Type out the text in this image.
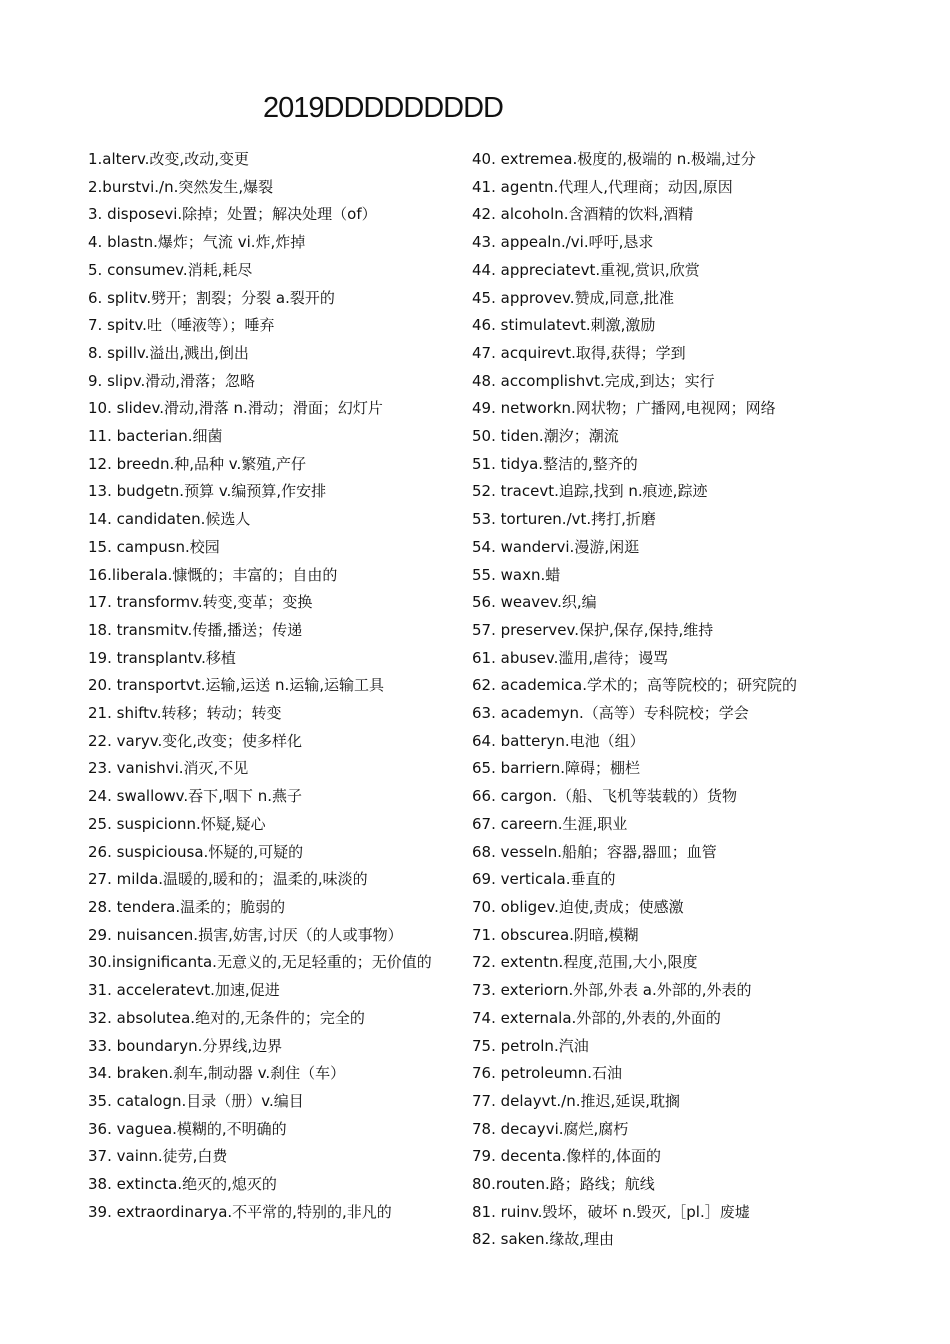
2019DDDDDDDDD
1.alterv.改变,改动,变更
2.burstvi./n.突然发生,爆裂
3. disposevi.除掉；处置；解决处理（of）
4. blastn.爆炸；气流 vi.炸,炸掉
5. consumev.消耗,耗尽
6. splitv.劈开；割裂；分裂 a.裂开的
7. spitv.吐（唾液等）；唾弃
8. spillv.溢出,溅出,倒出
9. slipv.滑动,滑落；忽略
10. slidev.滑动,滑落 n.滑动；滑面；幻灯片
11. bacterian.细菌
12. breedn.种,品种 v.繁殖,产仔
13. budgetn.预算 v.编预算,作安排
14. candidaten.候选人
15. campusn.校园
16.liberala.慷慨的；丰富的；自由的
17. transformv.转变,变革；变换
18. transmitv.传播,播送；传递
19. transplantv.移植
20. transportvt.运输,运送 n.运输,运输工具
21. shiftv.转移；转动；转变
22. varyv.变化,改变；使多样化
23. vanishvi.消灭,不见
24. swallowv.吞下,咽下 n.燕子
25. suspicionn.怀疑,疑心
26. suspiciousa.怀疑的,可疑的
27. milda.温暖的,暖和的；温柔的,味淡的
28. tendera.温柔的；脆弱的
29. nuisancen.损害,妨害,讨厌（的人或事物）
30.insignificanta.无意义的,无足轻重的；无价值的
31. acceleratevt.加速,促进
32. absolutea.绝对的,无条件的；完全的
33. boundaryn.分界线,边界
34. braken.刹车,制动器 v.刹住（车）
35. catalogn.目录（册）v.编目
36. vaguea.模糊的,不明确的
37. vainn.徒劳,白费
38. extincta.绝灭的,熄灭的
39. extraordinarya.不平常的,特别的,非凡的
40. extremea.极度的,极端的 n.极端,过分
41. agentn.代理人,代理商；动因,原因
42. alcoholn.含酒精的饮料,酒精
43. appealn./vi.呼吁,恳求
44. appreciatevt.重视,赏识,欣赏
45. approvev.赞成,同意,批准
46. stimulatevt.刺激,激励
47. acquirevt.取得,获得；学到
48. accomplishvt.完成,到达；实行
49. networkn.网状物；广播网,电视网；网络
50. tiden.潮汐；潮流
51. tidya.整洁的,整齐的
52. tracevt.追踪,找到 n.痕迹,踪迹
53. torturen./vt.拷打,折磨
54. wandervi.漫游,闲逛
55. waxn.蜡
56. weavev.织,编
57. preservev.保护,保存,保持,维持
61. abusev.滥用,虐待；谩骂
62. academica.学术的；高等院校的；研究院的
63. academyn.（高等）专科院校；学会
64. batteryn.电池（组）
65. barriern.障碍；棚栏
66. cargon.（船、飞机等装载的）货物
67. careern.生涯,职业
68. vesseln.船舶；容器,器皿；血管
69. verticala.垂直的
70. obligev.迫使,责成；使感激
71. obscurea.阴暗,模糊
72. extentn.程度,范围,大小,限度
73. exteriorn.外部,外表 a.外部的,外表的
74. externala.外部的,外表的,外面的
75. petroln.汽油
76. petroleumn.石油
77. delayvt./n.推迟,延误,耽搁
78. decayvi.腐烂,腐朽
79. decenta.像样的,体面的
80.routen.路；路线；航线
81. ruinv.毁坏，破坏 n.毁灭,［pl.］废墟
82. saken.缘故,理由
